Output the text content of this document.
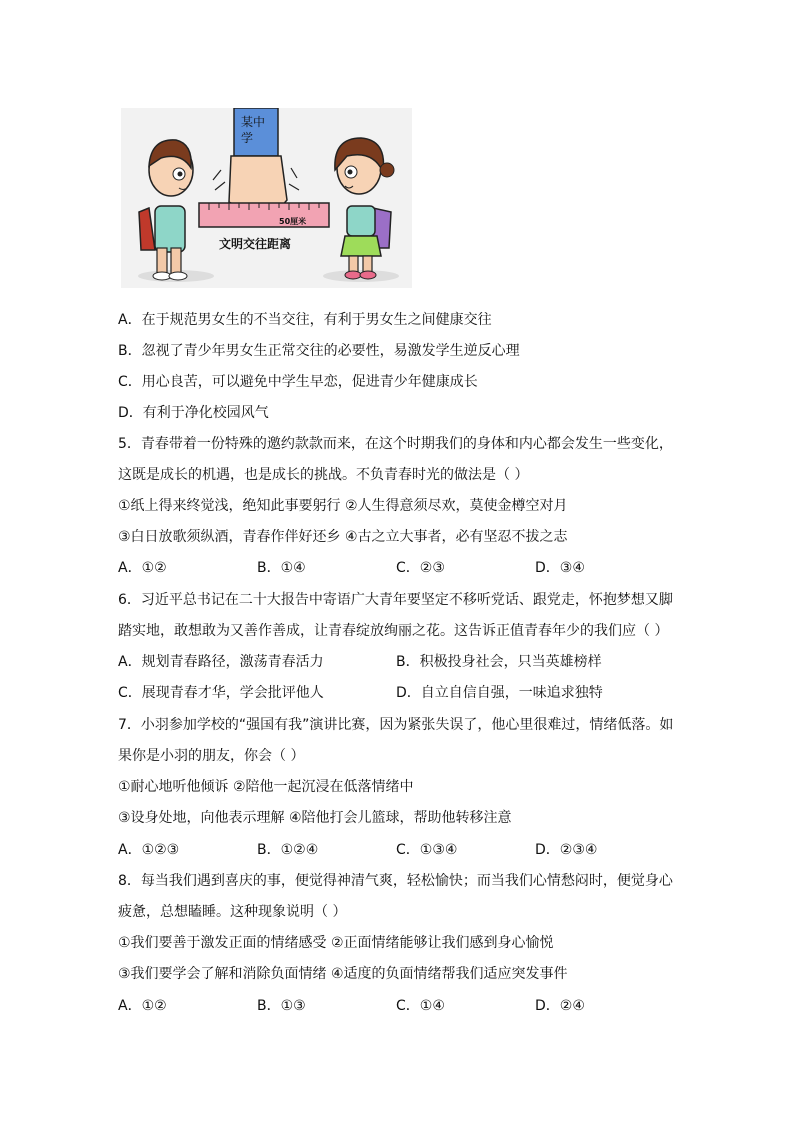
某中
学
50厘米
文明交往距离
A．在于规范男女生的不当交往，有利于男女生之间健康交往
B．忽视了青少年男女生正常交往的必要性，易激发学生逆反心理
C．用心良苦，可以避免中学生早恋，促进青少年健康成长
D．有利于净化校园风气
5．青春带着一份特殊的邀约款款而来，在这个时期我们的身体和内心都会发生一些变化，
这既是成长的机遇，也是成长的挑战。不负青春时光的做法是（ ）
①纸上得来终觉浅，绝知此事要躬行 ②人生得意须尽欢，莫使金樽空对月
③白日放歌须纵酒，青春作伴好还乡 ④古之立大事者，必有坚忍不拔之志
A．①②	B．①④	C．②③	D．③④
6．习近平总书记在二十大报告中寄语广大青年要坚定不移听党话、跟党走，怀抱梦想又脚
踏实地，敢想敢为又善作善成，让青春绽放绚丽之花。这告诉正值青春年少的我们应（ ）
A．规划青春路径，激荡青春活力	B．积极投身社会，只当英雄榜样
C．展现青春才华，学会批评他人	D．自立自信自强，一味追求独特
7．小羽参加学校的“强国有我”演讲比赛，因为紧张失误了，他心里很难过，情绪低落。如
果你是小羽的朋友，你会（ ）
①耐心地听他倾诉 ②陪他一起沉浸在低落情绪中
③设身处地，向他表示理解 ④陪他打会儿篮球，帮助他转移注意
A．①②③	B．①②④	C．①③④	D．②③④
8．每当我们遇到喜庆的事，便觉得神清气爽，轻松愉快；而当我们心情愁闷时，便觉身心
疲惫，总想瞌睡。这种现象说明（ ）
①我们要善于激发正面的情绪感受 ②正面情绪能够让我们感到身心愉悦
③我们要学会了解和消除负面情绪 ④适度的负面情绪帮我们适应突发事件
A．①②	B．①③	C．①④	D．②④
